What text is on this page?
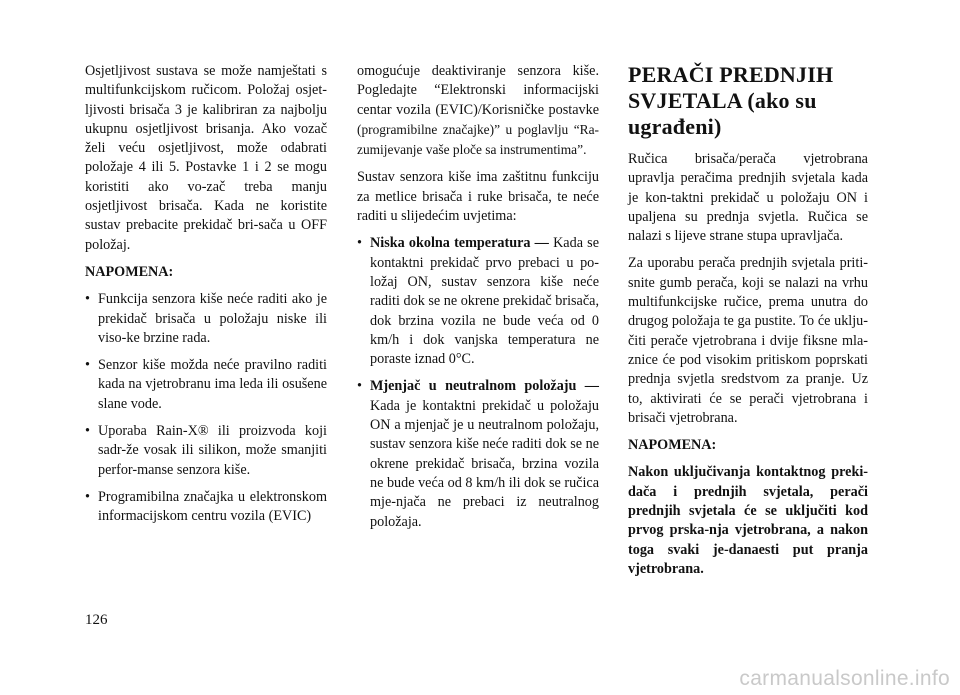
Osjetljivost sustava se može namještati s multifunkcijskom ručicom. Položaj osjet-ljivosti brisača 3 je kalibriran za najbolju ukupnu osjetljivost brisanja. Ako vozač želi veću osjetljivost, može odabrati položaje 4 ili 5. Postavke 1 i 2 se mogu koristiti ako vo-zač treba manju osjetljivost brisača. Kada ne koristite sustav prebacite prekidač bri-sača u OFF položaj.

NAPOMENA:

• Funkcija senzora kiše neće raditi ako je prekidač brisača u položaju niske ili viso-ke brzine rada.
• Senzor kiše možda neće pravilno raditi kada na vjetrobranu ima leda ili osušene slane vode.
• Uporaba Rain-X® ili proizvoda koji sadr-že vosak ili silikon, može smanjiti perfor-manse senzora kiše.
• Programibilna značajka u elektronskom informacijskom centru vozila (EVIC)

omogućuje deaktiviranje senzora kiše. Pogledajte “Elektronski informacijski centar vozila (EVIC)/Korisničke postavke (programibilne značajke)” u poglavlju “Ra-zumijevanje vaše ploče sa instrumentima”.

Sustav senzora kiše ima zaštitnu funkciju za metlice brisača i ruke brisača, te neće raditi u slijedećim uvjetima:

• Niska okolna temperatura — Kada se kontaktni prekidač prvo prebaci u po-ložaj ON, sustav senzora kiše neće raditi dok se ne okrene prekidač brisača, dok brzina vozila ne bude veća od 0 km/h i dok vanjska temperatura ne poraste iznad 0°C.
• Mjenjač u neutralnom položaju — Kada je kontaktni prekidač u položaju ON a mjenjač je u neutralnom položaju, sustav senzora kiše neće raditi dok se ne okrene prekidač brisača, brzina vozila ne bude veća od 8 km/h ili dok se ručica mje-njača ne prebaci iz neutralnog položaja.
PERAČI PREDNJIH SVJETALA (ako su ugrađeni)

Ručica brisača/perača vjetrobrana upravlja peračima prednjih svjetala kada je kon-taktni prekidač u položaju ON i upaljena su prednja svjetla. Ručica se nalazi s lijeve strane stupa upravljača.

Za uporabu perača prednjih svjetala priti-snite gumb perača, koji se nalazi na vrhu multifunkcijske ručice, prema unutra do drugog položaja te ga pustite. To će uklju-čiti perače vjetrobrana i dvije fiksne mla-znice će pod visokim pritiskom poprskati prednja svjetla sredstvom za pranje. Uz to, aktivirati će se perači vjetrobrana i brisači vjetrobrana.

NAPOMENA:

Nakon uključivanja kontaktnog preki-dača i prednjih svjetala, perači prednjih svjetala će se uključiti kod prvog prska-nja vjetrobrana, a nakon toga svaki je-danaesti put pranja vjetrobrana.

126
carmanualsonline.info
